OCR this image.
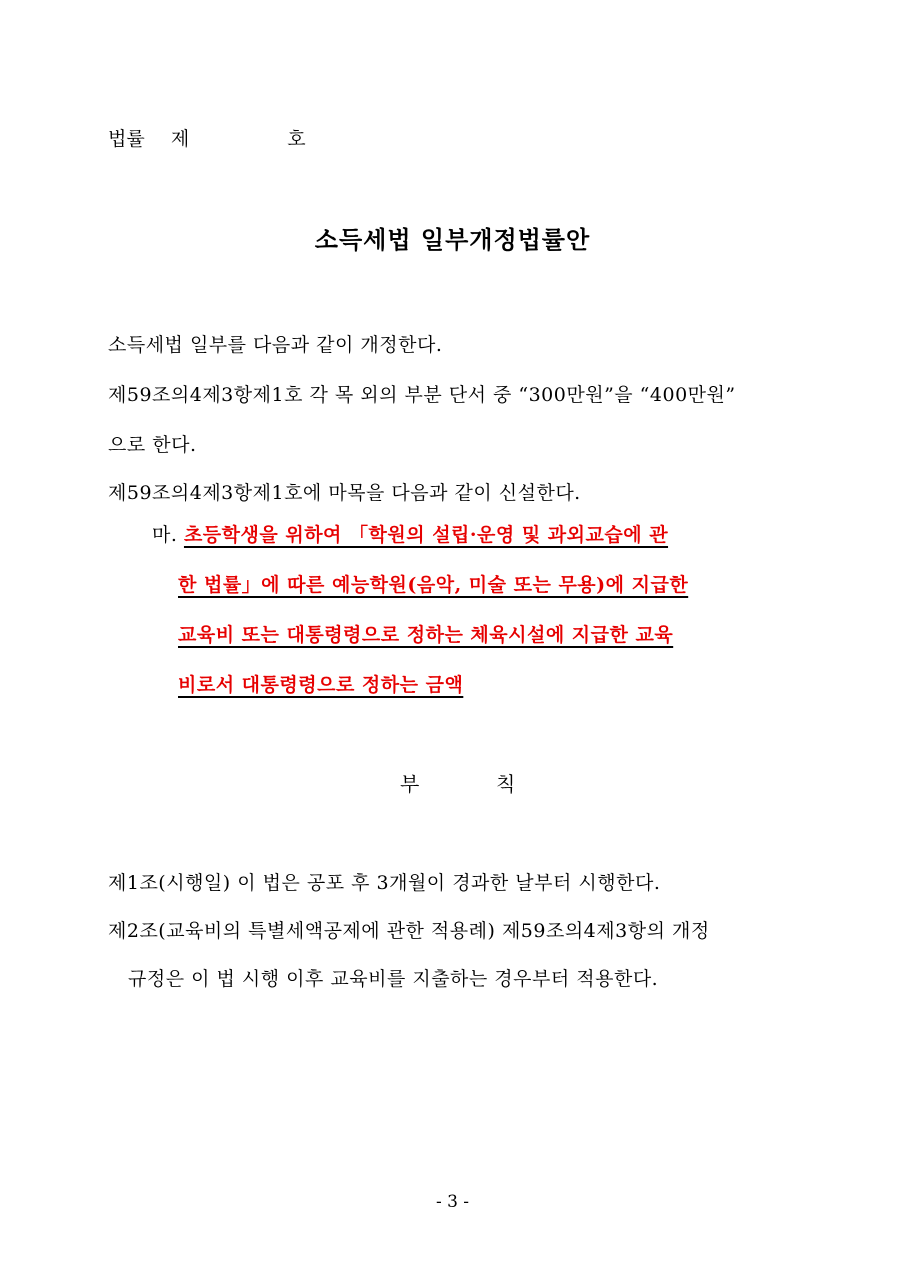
법률 제	호
소득세법 일부개정법률안
소득세법 일부를 다음과 같이 개정한다.
제59조의4제3항제1호 각 목 외의 부분 단서 중 “300만원”을 “400만원”
으로 한다.
제59조의4제3항제1호에 마목을 다음과 같이 신설한다.
마. 초등학생을 위하여 「학원의 설립·운영 및 과외교습에 관
한 법률」에 따른 예능학원(음악, 미술 또는 무용)에 지급한
교육비 또는 대통령령으로 정하는 체육시설에 지급한 교육
비로서 대통령령으로 정하는 금액
부	칙
제1조(시행일) 이 법은 공포 후 3개월이 경과한 날부터 시행한다.
제2조(교육비의 특별세액공제에 관한 적용례) 제59조의4제3항의 개정
규정은 이 법 시행 이후 교육비를 지출하는 경우부터 적용한다.
- 3 -
